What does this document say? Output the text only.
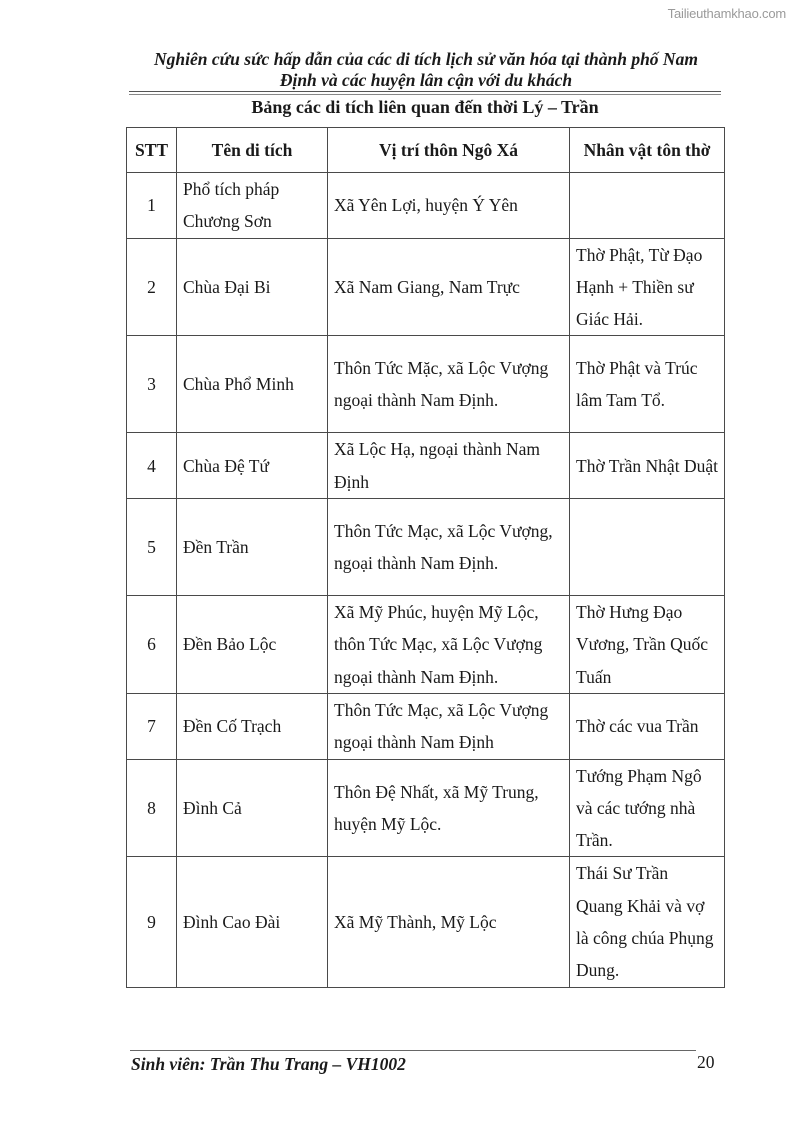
Tailieuthamkhao.com
Nghiên cứu sức hấp dẫn của các di tích lịch sử văn hóa tại thành phố Nam
Định và các huyện lân cận với du khách
Bảng các di tích liên quan đến thời Lý – Trần
STT	Tên di tích	Vị trí thôn Ngô Xá	Nhân vật tôn thờ
1	Phổ tích pháp Chương Sơn	Xã Yên Lợi, huyện Ý Yên	
2	Chùa Đại Bi	Xã Nam Giang, Nam Trực	Thờ Phật, Từ Đạo Hạnh + Thiền sư Giác Hải.
3	Chùa Phổ Minh	Thôn Tức Mặc, xã Lộc Vượng ngoại thành Nam Định.	Thờ Phật và Trúc lâm Tam Tổ.
4	Chùa Đệ Tứ	Xã Lộc Hạ, ngoại thành Nam Định	Thờ Trần Nhật Duật
5	Đền Trần	Thôn Tức Mạc, xã Lộc Vượng, ngoại thành Nam Định.	
6	Đền Bảo Lộc	Xã Mỹ Phúc, huyện Mỹ Lộc, thôn Tức Mạc, xã Lộc Vượng ngoại thành Nam Định.	Thờ Hưng Đạo Vương, Trần Quốc Tuấn
7	Đền Cố Trạch	Thôn Tức Mạc, xã Lộc Vượng ngoại thành Nam Định	Thờ các vua Trần
8	Đình Cả	Thôn Đệ Nhất, xã Mỹ Trung, huyện Mỹ Lộc.	Tướng Phạm Ngô và các tướng nhà Trần.
9	Đình Cao Đài	Xã Mỹ Thành, Mỹ Lộc	Thái Sư Trần Quang Khải và vợ là công chúa Phụng Dung.
Sinh viên: Trần Thu Trang – VH1002	20
